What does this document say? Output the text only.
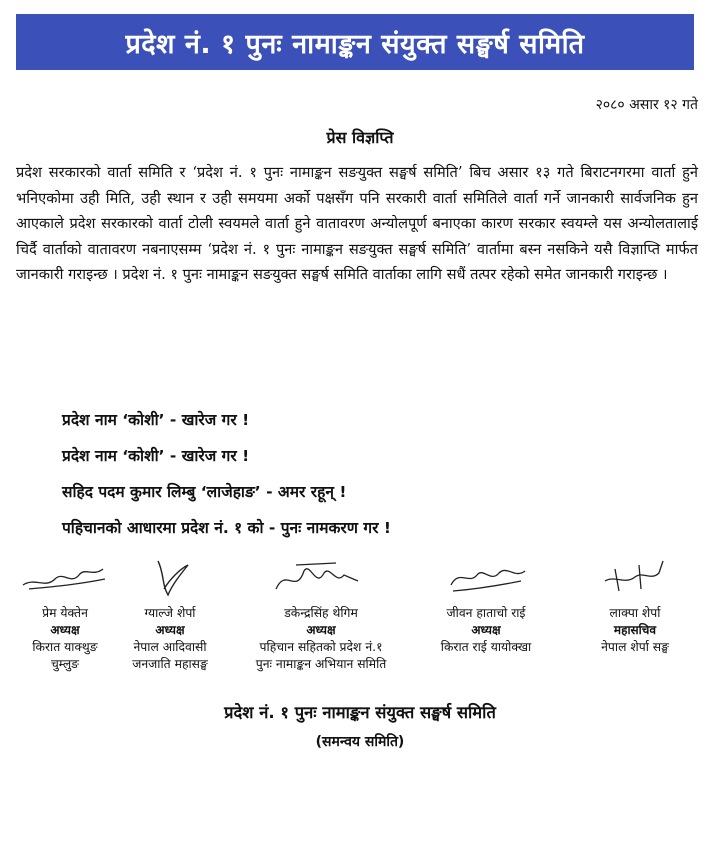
प्रदेश नं. १ पुनः नामाङ्कन संयुक्त सङ्घर्ष समिति
२०८० असार १२ गते
प्रेस विज्ञप्ति
प्रदेश सरकारको वार्ता समिति र ‘प्रदेश नं. १ पुनः नामाङ्कन सङयुक्त सङ्घर्ष समिति’ बिच असार १३ गते बिराटनगरमा वार्ता हुने भनिएकोमा उही मिति, उही स्थान र उही समयमा अर्को पक्षसँग पनि सरकारी वार्ता समितिले वार्ता गर्ने जानकारी सार्वजनिक हुन आएकाले प्रदेश सरकारको वार्ता टोली स्वयमले वार्ता हुने वातावरण अन्योलपूर्ण बनाएका कारण सरकार स्वयम्ले यस अन्योलतालाई चिर्दै वार्ताको वातावरण नबनाएसम्म ‘प्रदेश नं. १ पुनः नामाङ्कन सङयुक्त सङ्घर्ष समिति’ वार्तामा बस्न नसकिने यसै विज्ञाप्ति मार्फत जानकारी गराइन्छ । प्रदेश नं. १ पुनः नामाङ्कन सङयुक्त सङ्घर्ष समिति वार्ताका लागि सधैं तत्पर रहेको समेत जानकारी गराइन्छ ।
प्रदेश नाम ‘कोशी’ - खारेज गर !
प्रदेश नाम ‘कोशी’ - खारेज गर !
सहिद पदम कुमार लिम्बु ‘लाजेहाङ’ - अमर रहून् !
पहिचानको आधारमा प्रदेश नं. १ को - पुनः नामकरण गर !
प्रेम येक्तेन
अध्यक्ष
किरात याक्थुङ
चुम्लुङ
ग्याल्जे शेर्पा
अध्यक्ष
नेपाल आदिवासी
जनजाति महासङ्घ
डकेन्द्रसिंह थेगिम
अध्यक्ष
पहिचान सहितको प्रदेश नं.१
पुनः नामाङ्कन अभियान समिति
जीवन हाताचो राई
अध्यक्ष
किरात राई यायोक्खा
लाक्पा शेर्पा
महासचिव
नेपाल शेर्पा सङ्घ
प्रदेश नं. १ पुनः नामाङ्कन संयुक्त सङ्घर्ष समिति
(समन्वय समिति)
